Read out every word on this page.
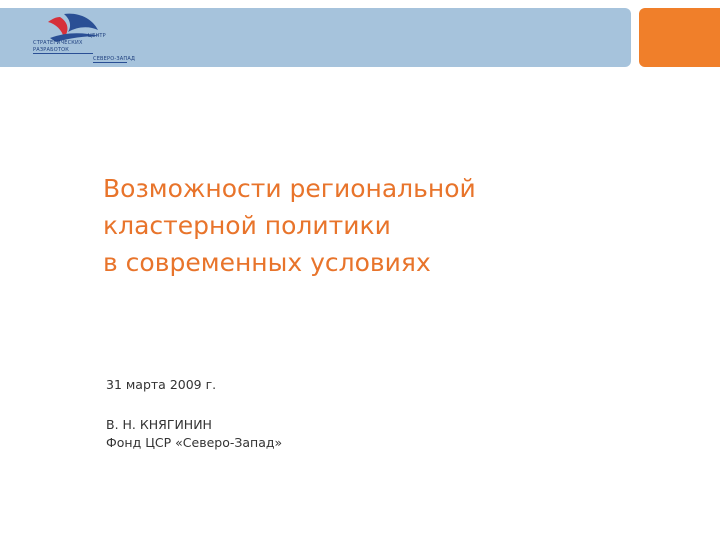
ЦЕНТР
СТРАТЕГИЧЕСКИХ
РАЗРАБОТОК
СЕВЕРО-ЗАПАД
Возможности региональной
кластерной политики
в современных условиях
31 марта 2009 г.
В. Н. КНЯГИНИН
Фонд ЦСР «Северо-Запад»
